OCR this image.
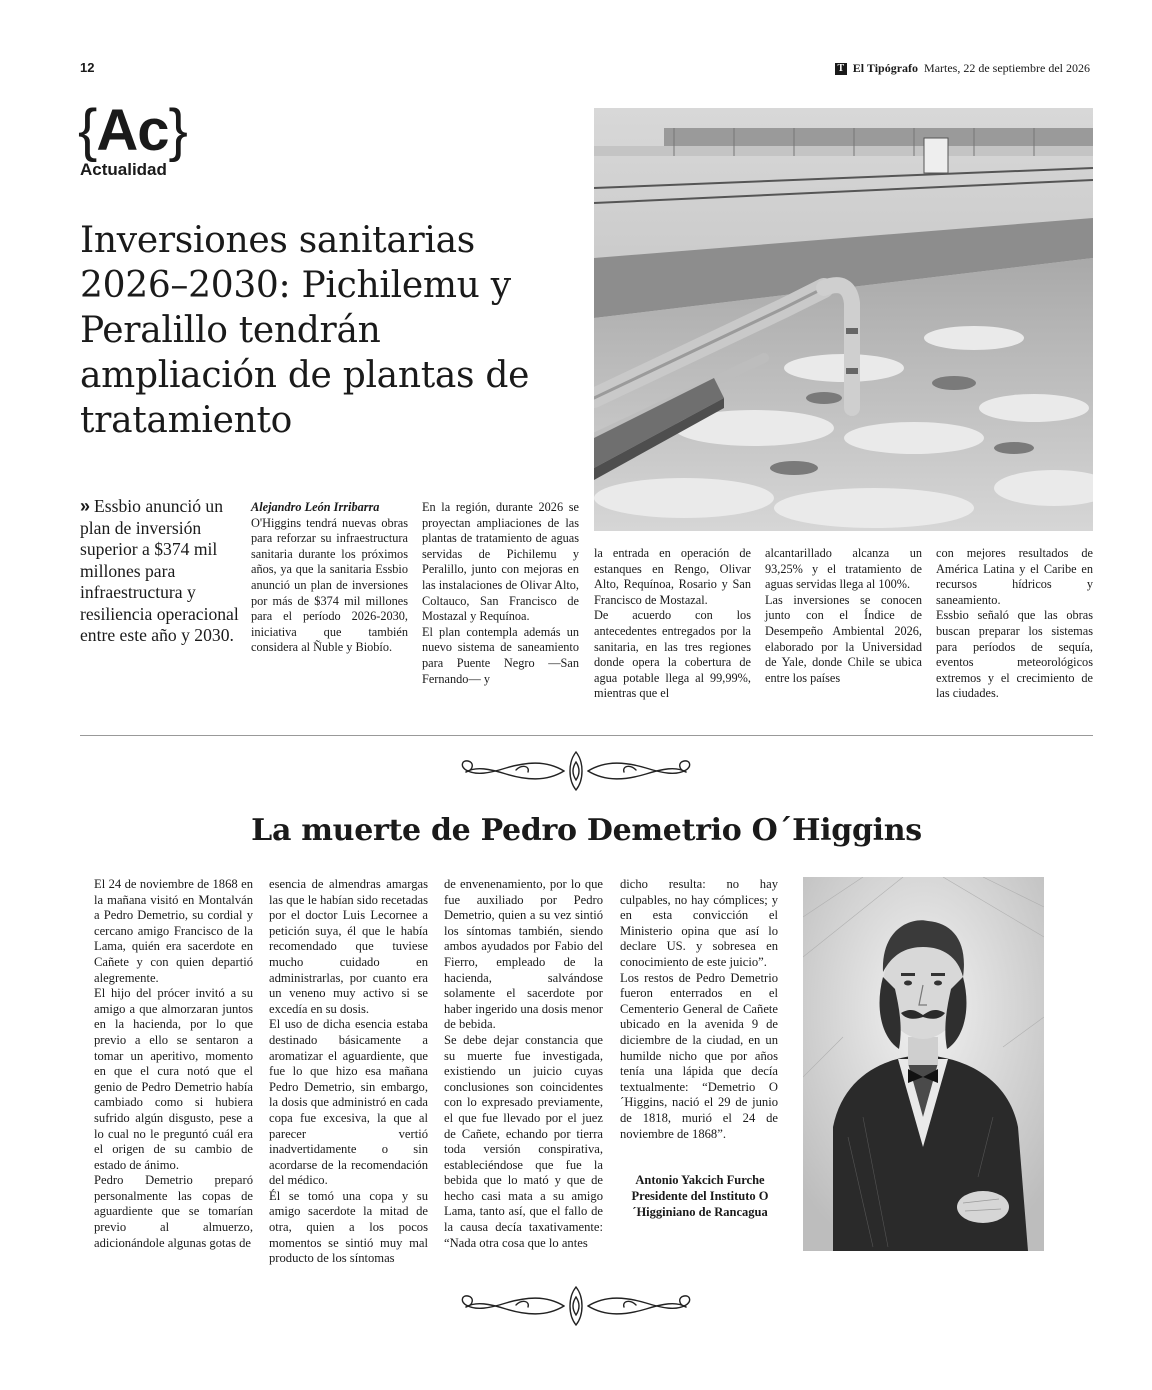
12	T El Tipógrafo Martes, 22 de septiembre del 2026
{Ac}
Actualidad
Inversiones sanitarias 2026–2030: Pichilemu y Peralillo tendrán ampliación de plantas de tratamiento
» Essbio anunció un plan de inversión superior a $374 mil millones para infraestructura y resiliencia operacional entre este año y 2030.

Alejandro León Irribarra

O'Higgins tendrá nuevas obras para reforzar su infraestructura sanitaria durante los próximos años, ya que la sanitaria Essbio anunció un plan de inversiones por más de $374 mil millones para el período 2026-2030, iniciativa que también considera al Ñuble y Biobío.

En la región, durante 2026 se proyectan ampliaciones de las plantas de tratamiento de aguas servidas de Pichilemu y Peralillo, junto con mejoras en las instalaciones de Olivar Alto, Coltauco, San Francisco de Mostazal y Requínoa.

El plan contempla además un nuevo sistema de saneamiento para Puente Negro —San Fernando— y

la entrada en operación de estanques en Rengo, Olivar Alto, Requínoa, Rosario y San Francisco de Mostazal.

De acuerdo con los antecedentes entregados por la sanitaria, en las tres regiones donde opera la cobertura de agua potable llega al 99,99%, mientras que el

alcantarillado alcanza un 93,25% y el tratamiento de aguas servidas llega al 100%.

Las inversiones se conocen junto con el Índice de Desempeño Ambiental 2026, elaborado por la Universidad de Yale, donde Chile se ubica entre los países

con mejores resultados de América Latina y el Caribe en recursos hídricos y saneamiento.

Essbio señaló que las obras buscan preparar los sistemas para períodos de sequía, eventos meteorológicos extremos y el crecimiento de las ciudades.

La muerte de Pedro Demetrio O´Higgins

El 24 de noviembre de 1868 en la mañana visitó en Montalván a Pedro Demetrio, su cordial y cercano amigo Francisco de la Lama, quién era sacerdote en Cañete y con quien departió alegremente.

El hijo del prócer invitó a su amigo a que almorzaran juntos en la hacienda, por lo que previo a ello se sentaron a tomar un aperitivo, momento en que el cura notó que el genio de Pedro Demetrio había cambiado como si hubiera sufrido algún disgusto, pese a lo cual no le preguntó cuál era el origen de su cambio de estado de ánimo.

Pedro Demetrio preparó personalmente las copas de aguardiente que se tomarían previo al almuerzo, adicionándole algunas gotas de

esencia de almendras amargas las que le habían sido recetadas por el doctor Luis Lecornee a petición suya, él que le había recomendado que tuviese mucho cuidado en administrarlas, por cuanto era un veneno muy activo si se excedía en su dosis.

El uso de dicha esencia estaba destinado básicamente a aromatizar el aguardiente, que fue lo que hizo esa mañana Pedro Demetrio, sin embargo, la dosis que administró en cada copa fue excesiva, la que al parecer vertió inadvertidamente o sin acordarse de la recomendación del médico.

Él se tomó una copa y su amigo sacerdote la mitad de otra, quien a los pocos momentos se sintió muy mal producto de los síntomas

de envenenamiento, por lo que fue auxiliado por Pedro Demetrio, quien a su vez sintió los síntomas también, siendo ambos ayudados por Fabio del Fierro, empleado de la hacienda, salvándose solamente el sacerdote por haber ingerido una dosis menor de bebida.

Se debe dejar constancia que su muerte fue investigada, existiendo un juicio cuyas conclusiones son coincidentes con lo expresado previamente, el que fue llevado por el juez de Cañete, echando por tierra toda versión conspirativa, estableciéndose que fue la bebida que lo mató y que de hecho casi mata a su amigo Lama, tanto así, que el fallo de la causa decía taxativamente: “Nada otra cosa que lo antes

dicho resulta: no hay culpables, no hay cómplices; y en esta convicción el Ministerio opina que así lo declare US. y sobresea en conocimiento de este juicio”.

Los restos de Pedro Demetrio fueron enterrados en el Cementerio General de Cañete ubicado en la avenida 9 de diciembre de la ciudad, en un humilde nicho que por años tenía una lápida que decía textualmente: “Demetrio O´Higgins, nació el 29 de junio de 1818, murió el 24 de noviembre de 1868”.

Antonio Yakcich Furche
Presidente del Instituto O´Higginiano de Rancagua
